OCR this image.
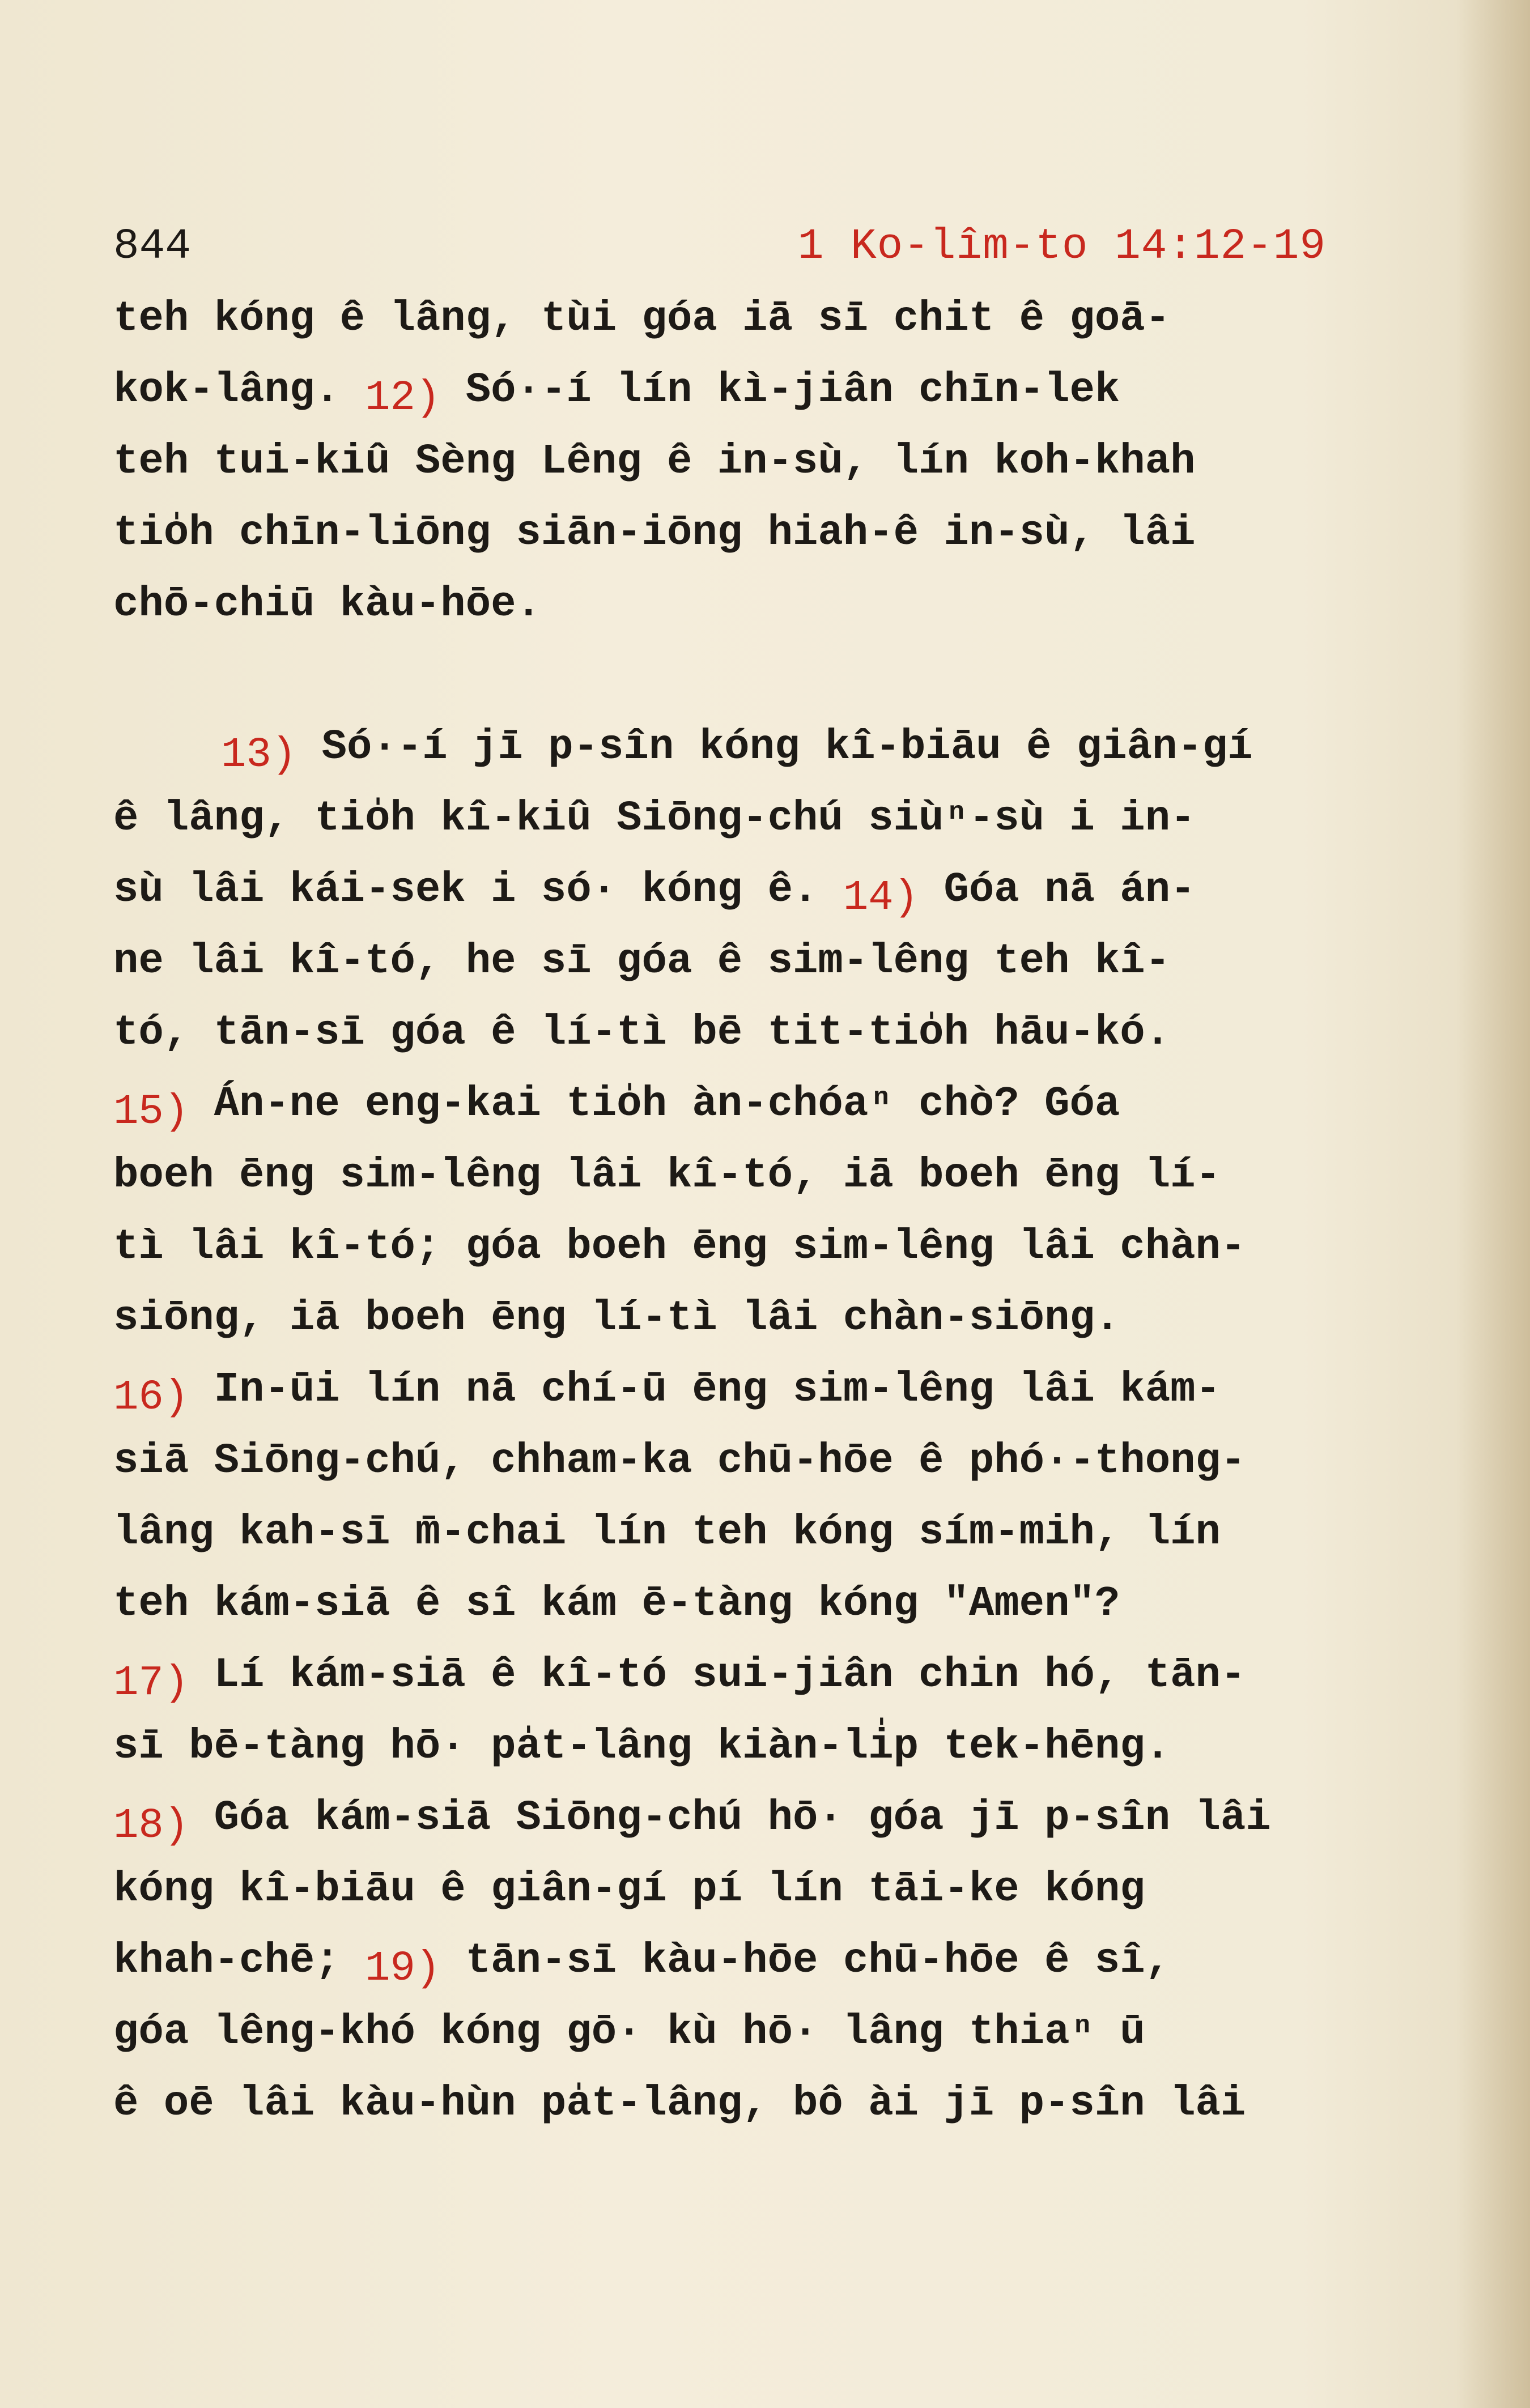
844	1 Ko-lîm-to 14:12-19
teh kóng ê lâng, tùi góa iā sī chit ê goā-
kok-lâng. 12) Só·-í lín kì-jiân chīn-lek
teh tui-kiû Sèng Lêng ê in-sù, lín koh-khah
tio̍h chīn-liōng siān-iōng hiah-ê in-sù, lâi
chō-chiū kàu-hōe.
13) Só·-í jī p-sîn kóng kî-biāu ê giân-gí
ê lâng, tio̍h kî-kiû Siōng-chú siùⁿ-sù i in-
sù lâi kái-sek i só· kóng ê. 14) Góa nā án-
ne lâi kî-tó, he sī góa ê sim-lêng teh kî-
tó, tān-sī góa ê lí-tì bē tit-tio̍h hāu-kó.
15) Án-ne eng-kai tio̍h àn-chóaⁿ chò? Góa
boeh ēng sim-lêng lâi kî-tó, iā boeh ēng lí-
tì lâi kî-tó; góa boeh ēng sim-lêng lâi chàn-
siōng, iā boeh ēng lí-tì lâi chàn-siōng.
16) In-ūi lín nā chí-ū ēng sim-lêng lâi kám-
siā Siōng-chú, chham-ka chū-hōe ê phó·-thong-
lâng kah-sī m̄-chai lín teh kóng sím-mih, lín
teh kám-siā ê sî kám ē-tàng kóng "Amen"?
17) Lí kám-siā ê kî-tó sui-jiân chin hó, tān-
sī bē-tàng hō· pa̍t-lâng kiàn-li̍p tek-hēng.
18) Góa kám-siā Siōng-chú hō· góa jī p-sîn lâi
kóng kî-biāu ê giân-gí pí lín tāi-ke kóng
khah-chē; 19) tān-sī kàu-hōe chū-hōe ê sî,
góa lêng-khó kóng gō· kù hō· lâng thiaⁿ ū
ê oē lâi kàu-hùn pa̍t-lâng, bô ài jī p-sîn lâi
